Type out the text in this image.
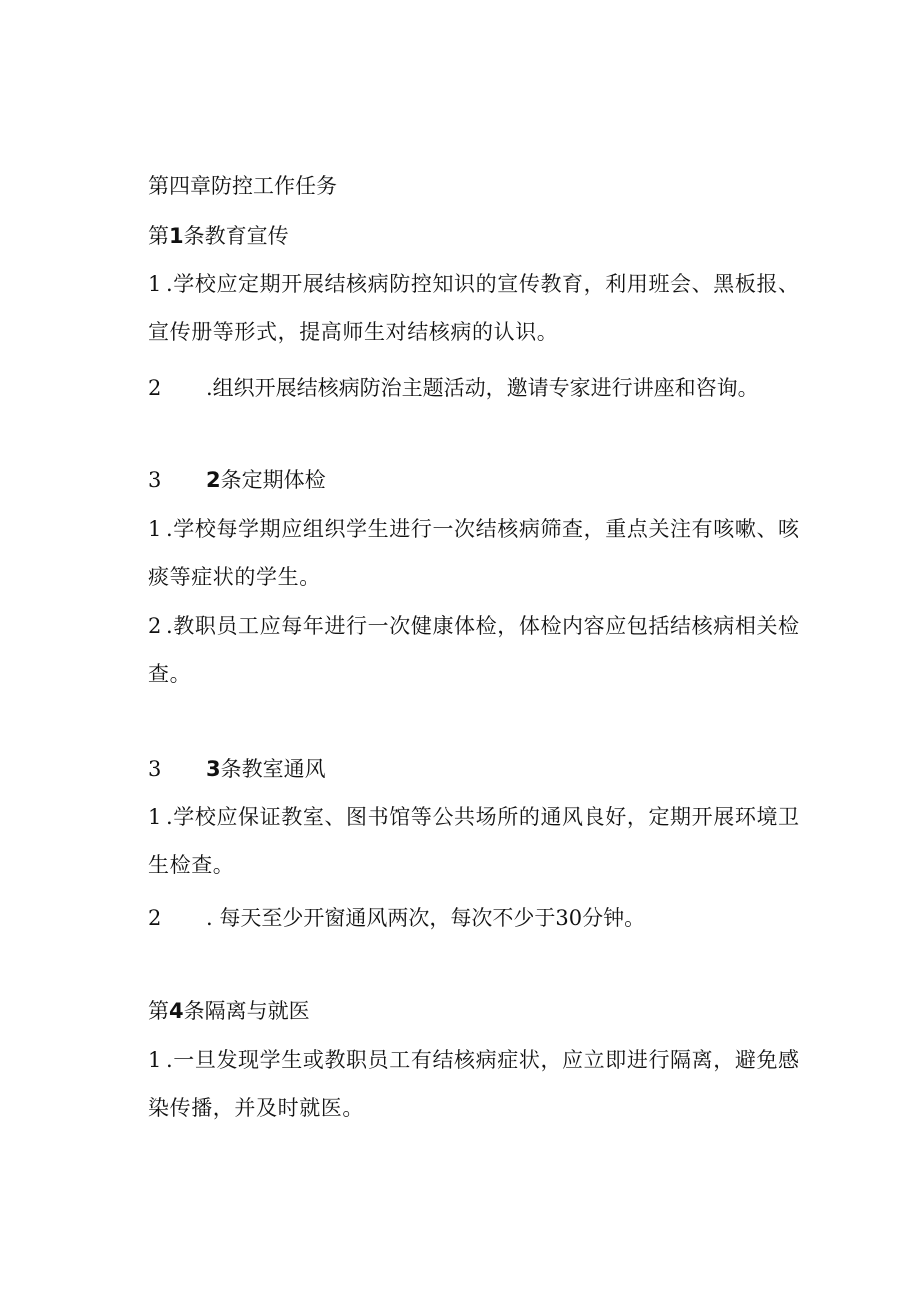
第四章防控工作任务
第1条教育宣传
1 .学校应定期开展结核病防控知识的宣传教育，利用班会、黑板报、
宣传册等形式，提高师生对结核病的认识。
2 .组织开展结核病防治主题活动，邀请专家进行讲座和咨询。
3 2条定期体检
1 .学校每学期应组织学生进行一次结核病筛查，重点关注有咳嗽、咳
痰等症状的学生。
2 .教职员工应每年进行一次健康体检，体检内容应包括结核病相关检
查。
3 3条教室通风
1 .学校应保证教室、图书馆等公共场所的通风良好，定期开展环境卫
生检查。
2 . 每天至少开窗通风两次，每次不少于30分钟。
第4条隔离与就医
1 .一旦发现学生或教职员工有结核病症状，应立即进行隔离，避免感
染传播，并及时就医。
